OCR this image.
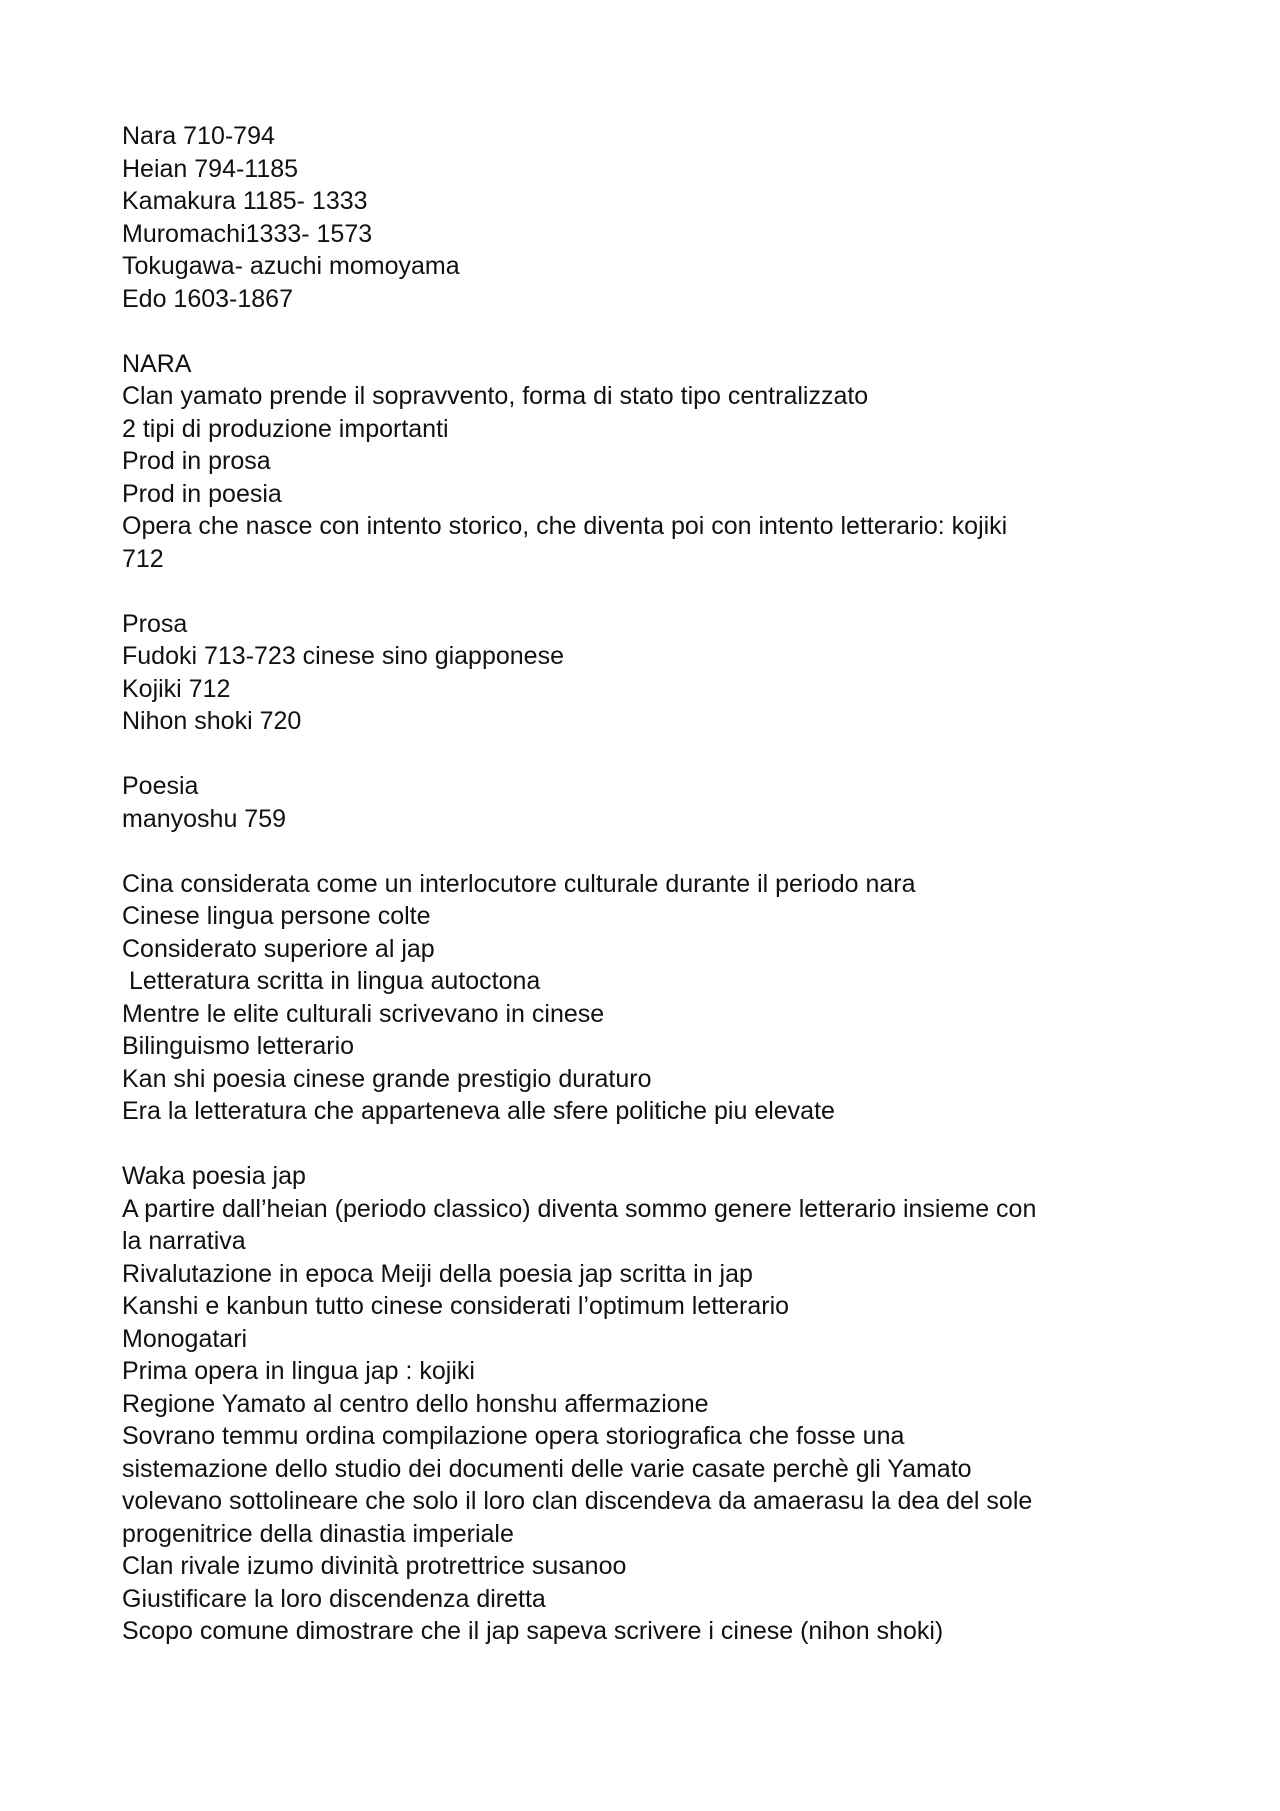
Nara 710-794
Heian 794-1185
Kamakura 1185- 1333
Muromachi1333- 1573
Tokugawa- azuchi momoyama
Edo 1603-1867
NARA
Clan yamato prende il sopravvento, forma di stato tipo centralizzato
2 tipi di produzione importanti
Prod in prosa
Prod in poesia
Opera che nasce con intento storico, che diventa poi con intento letterario: kojiki
712
Prosa
Fudoki 713-723 cinese sino giapponese
Kojiki 712
Nihon shoki 720
Poesia
manyoshu 759
Cina considerata come un interlocutore culturale durante il periodo nara
Cinese lingua persone colte
Considerato superiore al jap
Letteratura scritta in lingua autoctona
Mentre le elite culturali scrivevano in cinese
Bilinguismo letterario
Kan shi poesia cinese grande prestigio duraturo
Era la letteratura che apparteneva alle sfere politiche piu elevate
Waka poesia jap
A partire dall’heian (periodo classico) diventa sommo genere letterario insieme con
la narrativa
Rivalutazione in epoca Meiji della poesia jap scritta in jap
Kanshi e kanbun tutto cinese considerati l’optimum letterario
Monogatari
Prima opera in lingua jap : kojiki
Regione Yamato al centro dello honshu affermazione
Sovrano temmu ordina compilazione opera storiografica che fosse una
sistemazione dello studio dei documenti delle varie casate perchè gli Yamato
volevano sottolineare che solo il loro clan discendeva da amaerasu la dea del sole
progenitrice della dinastia imperiale
Clan rivale izumo divinità protrettrice susanoo
Giustificare la loro discendenza diretta
Scopo comune dimostrare che il jap sapeva scrivere i cinese (nihon shoki)
